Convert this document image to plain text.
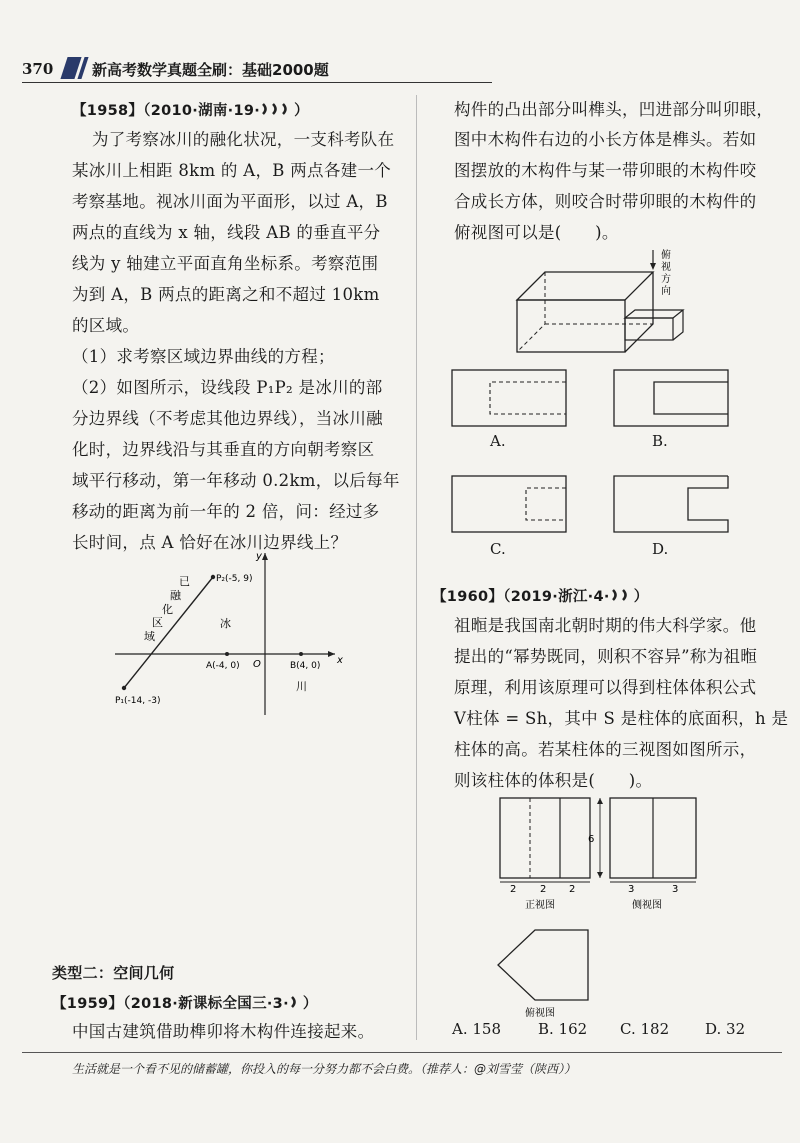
370	新高考数学真题全刷：基础2000题
【1958】（2010·湖南·19· ）
为了考察冰川的融化状况，一支科考队在
某冰川上相距 8km 的 A，B 两点各建一个
考察基地。视冰川面为平面形，以过 A，B
两点的直线为 x 轴，线段 AB 的垂直平分
线为 y 轴建立平面直角坐标系。考察范围
为到 A，B 两点的距离之和不超过 10km
的区域。
（1）求考察区域边界曲线的方程；
（2）如图所示，设线段 P₁P₂ 是冰川的部
分边界线（不考虑其他边界线），当冰川融
化时，边界线沿与其垂直的方向朝考察区
域平行移动，第一年移动 0.2km，以后每年
移动的距离为前一年的 2 倍，问：经过多
长时间，点 A 恰好在冰川边界线上？
y
x
O
P₂(-5, 9)
P₁(-14, -3)
A(-4, 0)	B(4, 0)
已
融
化
区
域
冰
川
类型二：空间几何
【1959】（2018·新课标全国三·3· ）
中国古建筑借助榫卯将木构件连接起来。
构件的凸出部分叫榫头，凹进部分叫卯眼，
图中木构件右边的小长方体是榫头。若如
图摆放的木构件与某一带卯眼的木构件咬
合成长方体，则咬合时带卯眼的木构件的
俯视图可以是(　　)。
俯
视
方
向
A.	B.
C.	D.
【1960】（2019·浙江·4· ）
祖暅是我国南北朝时期的伟大科学家。他
提出的“幂势既同，则积不容异”称为祖暅
原理，利用该原理可以得到柱体体积公式
V柱体 = Sh，其中 S 是柱体的底面积，h 是
柱体的高。若某柱体的三视图如图所示，
则该柱体的体积是(　　)。
2 2 2
正视图
6
3	3
侧视图
俯视图
A. 158 B. 162 C. 182 D. 32
生活就是一个看不见的储蓄罐，你投入的每一分努力都不会白费。（推荐人：@刘雪莹（陕西））
